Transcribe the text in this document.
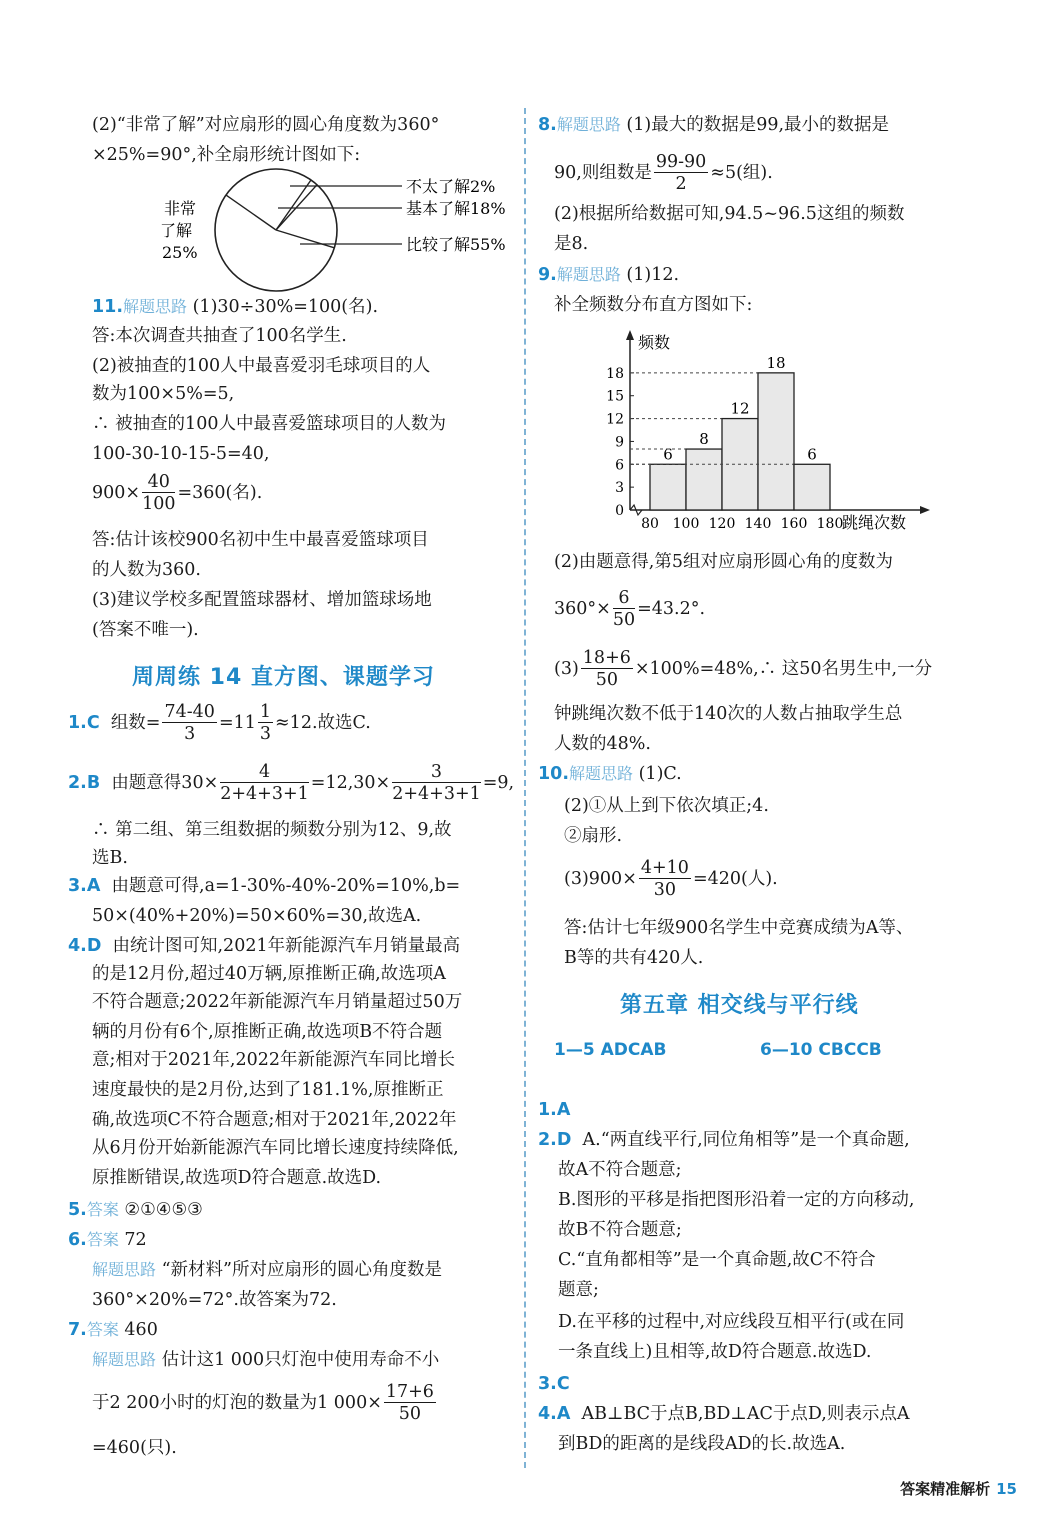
(2)“非常了解”对应扇形的圆心角度数为360°
×25%=90°,补全扇形统计图如下:
不太了解2%
基本了解18%
比较了解55%
非常
了解
25%
11.解题思路 (1)30÷30%=100(名).
答:本次调查共抽查了100名学生.
(2)被抽查的100人中最喜爱羽毛球项目的人
数为100×5%=5,
∴ 被抽查的100人中最喜爱篮球项目的人数为
100-30-10-15-5=40,
$900\times \frac{40}{100} =360$(名).
答:估计该校900名初中生中最喜爱篮球项目
的人数为360.
(3)建议学校多配置篮球器材、增加篮球场地
(答案不唯一).
周周练 14 直方图、课题学习
1.C 组数= $\frac{74-40}{3} =11 \frac{1}{3} \approx 12$.故选C.
2.B 由题意得$30\times \frac{4}{2+4+3+1} =12,30\times \frac{3}{2+4+3+1} =9$,
∴ 第二组、第三组数据的频数分别为12、9,故
选B.
3.A 由题意可得,a=1-30%-40%-20%=10%,b=
50×(40%+20%)=50×60%=30,故选A.
4.D 由统计图可知,2021年新能源汽车月销量最高
的是12月份,超过40万辆,原推断正确,故选项A
不符合题意;2022年新能源汽车月销量超过50万
辆的月份有6个,原推断正确,故选项B不符合题
意;相对于2021年,2022年新能源汽车同比增长
速度最快的是2月份,达到了181.1%,原推断正
确,故选项C不符合题意;相对于2021年,2022年
从6月份开始新能源汽车同比增长速度持续降低,
原推断错误,故选项D符合题意.故选D.
5.答案 ②①④⑤③
6.答案 72
解题思路 “新材料”所对应扇形的圆心角度数是
360°×20%=72°.故答案为72.
7.答案 460
解题思路 估计这1 000只灯泡中使用寿命不小
于2 200小时的灯泡的数量为1 $000\times \frac{17+6}{50}$
=460(只).
8.解题思路 (1)最大的数据是99,最小的数据是
90,则组数是 $\frac{99-90}{2} \approx 5$(组).
(2)根据所给数据可知,94.5~96.5这组的频数
是8.
9.解题思路 (1)12.
补全频数分布直方图如下:
0
3
6
9
12
15
18
6
8
12
18
6
80 100 120 140 160 180
频数
跳绳次数
(2)由题意得,第5组对应扇形圆心角的度数为
$360^\circ\times \frac{6}{50} =43.2^\circ$.
$(3) \frac{18+6}{50}$ ×100%=48%,∴ 这50名男生中,一分
钟跳绳次数不低于140次的人数占抽取学生总
人数的48%.
10.解题思路 (1)C.
(2)①从上到下依次填正;4.
②扇形.
$(3)900\times \frac{4+10}{30} =420$(人).
答:估计七年级900名学生中竞赛成绩为A等、
B等的共有420人.
第五章 相交线与平行线
1—5 ADCAB	6—10 CBCCB
1.A
2.D A.“两直线平行,同位角相等”是一个真命题,
故A不符合题意;
B.图形的平移是指把图形沿着一定的方向移动,
故B不符合题意;
C.“直角都相等”是一个真命题,故C不符合
题意;
D.在平移的过程中,对应线段互相平行(或在同
一条直线上)且相等,故D符合题意.故选D.
3.C
4.A AB⊥BC于点B,BD⊥AC于点D,则表示点A
到BD的距离的是线段AD的长.故选A.
答案精准解析 15
